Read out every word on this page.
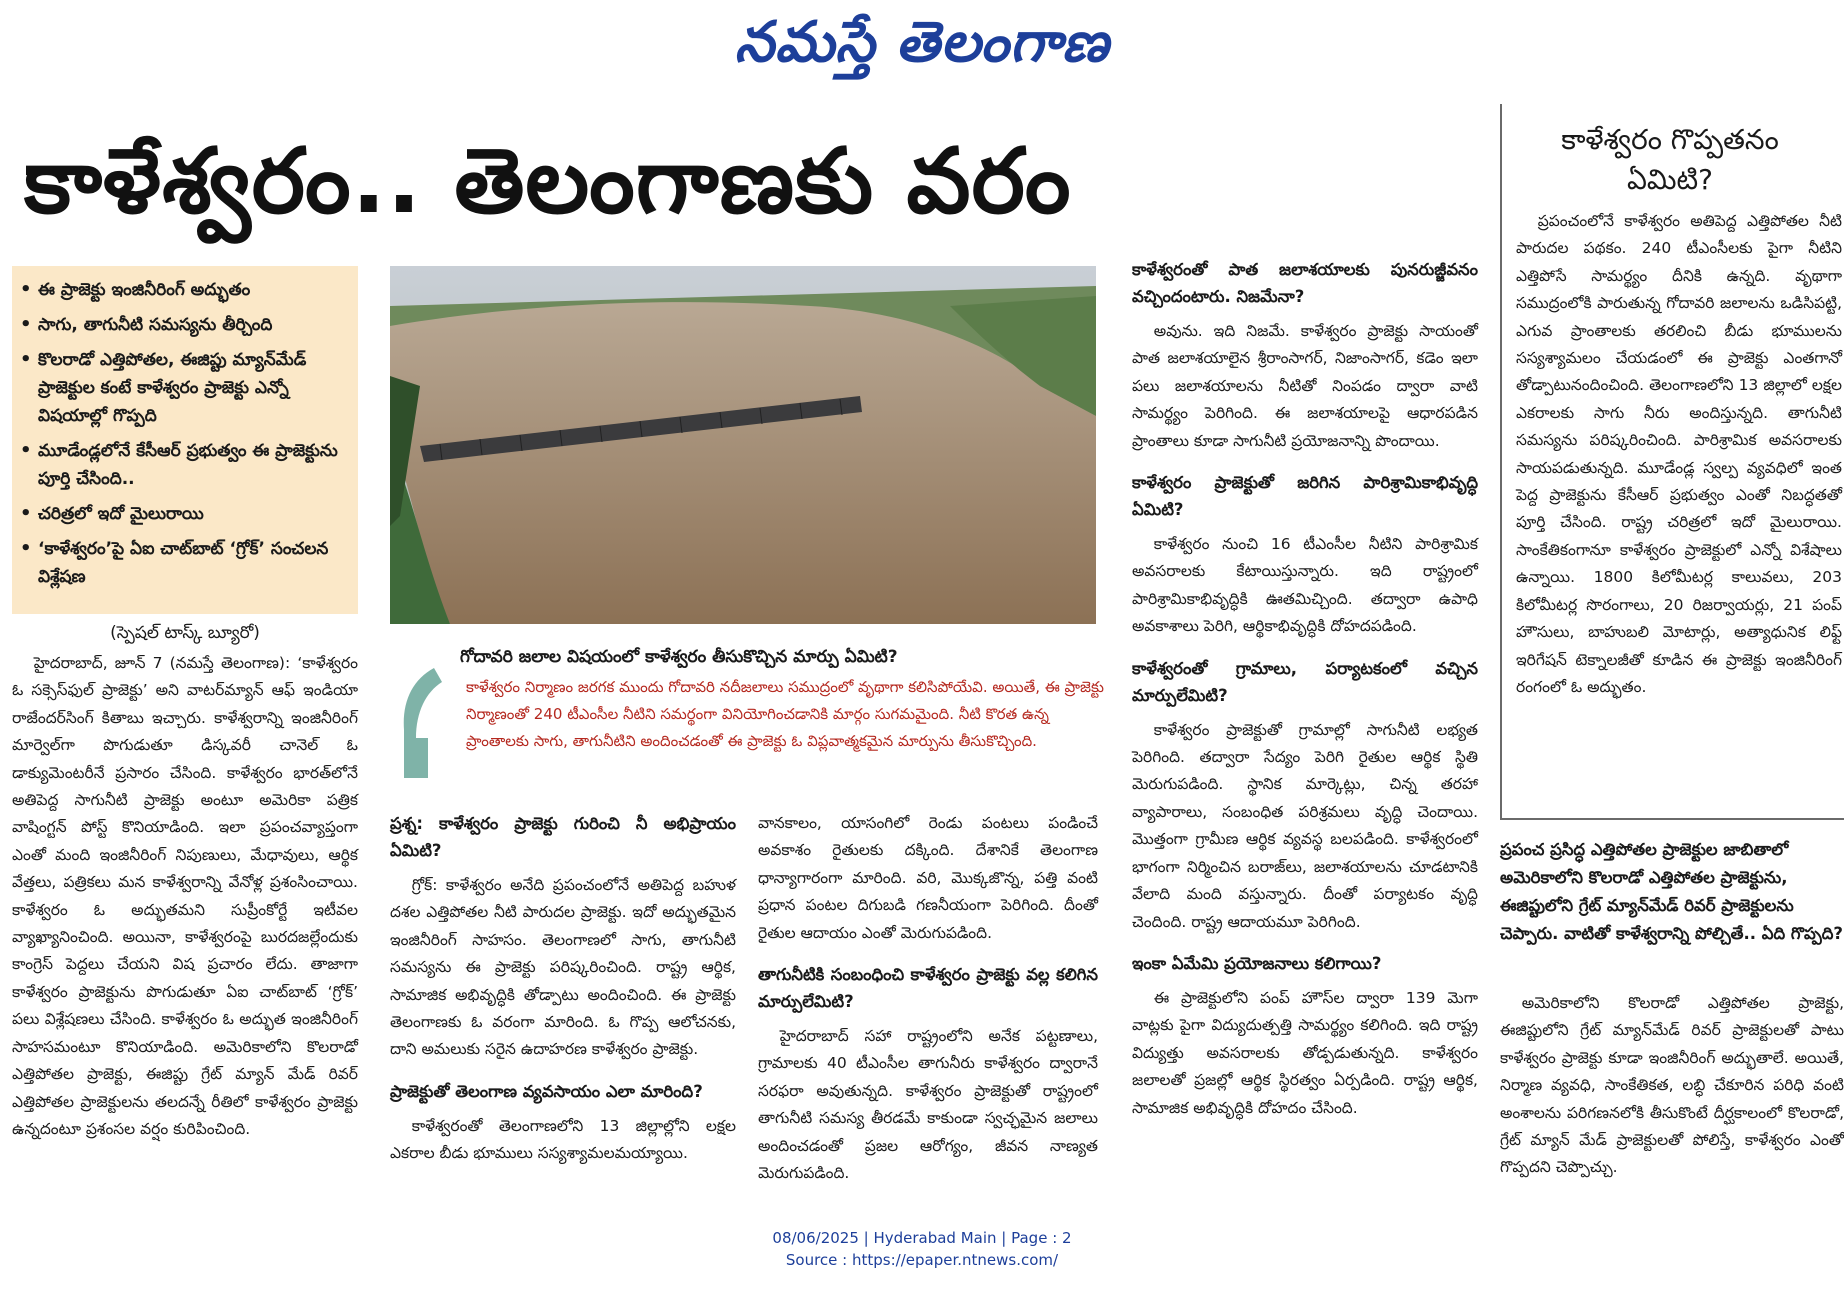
నమస్తే తెలంగాణ
కాళేశ్వరం.. తెలంగాణకు వరం
• ఈ ప్రాజెక్టు ఇంజినీరింగ్ అద్భుతం
• సాగు, తాగునీటి సమస్యను తీర్చింది
• కొలరాడో ఎత్తిపోతల, ఈజిప్టు మ్యాన్‌మేడ్ ప్రాజెక్టుల కంటే కాళేశ్వరం ప్రాజెక్టు ఎన్నో విషయాల్లో గొప్పది
• మూడేండ్లలోనే కేసీఆర్ ప్రభుత్వం ఈ ప్రాజెక్టును పూర్తి చేసింది..
• చరిత్రలో ఇదో మైలురాయి
• ‘కాళేశ్వరం’పై ఏఐ చాట్‌బాట్ ‘గ్రోక్’ సంచలన విశ్లేషణ
(స్పెషల్ టాస్క్ బ్యూరో)

హైదరాబాద్, జూన్ 7 (నమస్తే తెలంగాణ): ‘కాళేశ్వరం ఓ సక్సెస్‌ఫుల్ ప్రాజెక్టు’ అని వాటర్‌మ్యాన్ ఆఫ్ ఇండియా రాజేందర్‌సింగ్ కితాబు ఇచ్చారు. కాళేశ్వరాన్ని ఇంజినీరింగ్ మార్వెల్‌గా పొగుడుతూ డిస్కవరీ చానెల్ ఓ డాక్యుమెంటరీనే ప్రసారం చేసింది. కాళేశ్వరం భారత్‌లోనే అతిపెద్ద సాగునీటి ప్రాజెక్టు అంటూ అమెరికా పత్రిక వాషింగ్టన్ పోస్ట్ కొనియాడింది. ఇలా ప్రపంచవ్యాప్తంగా ఎంతో మంది ఇంజినీరింగ్ నిపుణులు, మేధావులు, ఆర్థిక వేత్తలు, పత్రికలు మన కాళేశ్వరాన్ని వేనోళ్ల ప్రశంసించాయి. కాళేశ్వరం ఓ అద్భుతమని సుప్రీంకోర్టే ఇటీవల వ్యాఖ్యానించింది. అయినా, కాళేశ్వరంపై బురదజల్లేందుకు కాంగ్రెస్ పెద్దలు చేయని విష ప్రచారం లేదు. తాజాగా కాళేశ్వరం ప్రాజెక్టును పొగుడుతూ ఏఐ చాట్‌బాట్ ‘గ్రోక్’ పలు విశ్లేషణలు చేసింది. కాళేశ్వరం ఓ అద్భుత ఇంజినీరింగ్ సాహసమంటూ కొనియాడింది. అమెరికాలోని కొలరాడో ఎత్తిపోతల ప్రాజెక్టు, ఈజిప్టు గ్రేట్ మ్యాన్ మేడ్ రివర్ ఎత్తిపోతల ప్రాజెక్టులను తలదన్నే రీతిలో కాళేశ్వరం ప్రాజెక్టు ఉన్నదంటూ ప్రశంసల వర్షం కురిపించింది.

గోదావరి జలాల విషయంలో కాళేశ్వరం తీసుకొచ్చిన మార్పు ఏమిటి?
కాళేశ్వరం నిర్మాణం జరగక ముందు గోదావరి నదీజలాలు సముద్రంలో వృథాగా కలిసిపోయేవి. అయితే, ఈ ప్రాజెక్టు నిర్మాణంతో 240 టీఎంసీల నీటిని సమర్థంగా వినియోగించడానికి మార్గం సుగమమైంది. నీటి కొరత ఉన్న ప్రాంతాలకు సాగు, తాగునీటిని అందించడంతో ఈ ప్రాజెక్టు ఓ విప్లవాత్మకమైన మార్పును తీసుకొచ్చింది.

ప్రశ్న: కాళేశ్వరం ప్రాజెక్టు గురించి నీ అభిప్రాయం ఏమిటి?

గ్రోక్: కాళేశ్వరం అనేది ప్రపంచంలోనే అతిపెద్ద బహుళ దశల ఎత్తిపోతల నీటి పారుదల ప్రాజెక్టు. ఇదో అద్భుతమైన ఇంజినీరింగ్ సాహసం. తెలంగాణలో సాగు, తాగునీటి సమస్యను ఈ ప్రాజెక్టు పరిష్కరించింది. రాష్ట్ర ఆర్థిక, సామాజిక అభివృద్ధికి తోడ్పాటు అందించింది. ఈ ప్రాజెక్టు తెలంగాణకు ఓ వరంగా మారింది. ఓ గొప్ప ఆలోచనకు, దాని అమలుకు సరైన ఉదాహరణ కాళేశ్వరం ప్రాజెక్టు.

ప్రాజెక్టుతో తెలంగాణ వ్యవసాయం ఎలా మారింది?

కాళేశ్వరంతో తెలంగాణలోని 13 జిల్లాల్లోని లక్షల ఎకరాల బీడు భూములు సస్యశ్యామలమయ్యాయి.

వానకాలం, యాసంగిలో రెండు పంటలు పండించే అవకాశం రైతులకు దక్కింది. దేశానికే తెలంగాణ ధాన్యాగారంగా మారింది. వరి, మొక్కజొన్న, పత్తి వంటి ప్రధాన పంటల దిగుబడి గణనీయంగా పెరిగింది. దీంతో రైతుల ఆదాయం ఎంతో మెరుగుపడింది.

తాగునీటికి సంబంధించి కాళేశ్వరం ప్రాజెక్టు వల్ల కలిగిన మార్పులేమిటి?

హైదరాబాద్ సహా రాష్ట్రంలోని అనేక పట్టణాలు, గ్రామాలకు 40 టీఎంసీల తాగునీరు కాళేశ్వరం ద్వారానే సరఫరా అవుతున్నది. కాళేశ్వరం ప్రాజెక్టుతో రాష్ట్రంలో తాగునీటి సమస్య తీరడమే కాకుండా స్వచ్ఛమైన జలాలు అందించడంతో ప్రజల ఆరోగ్యం, జీవన నాణ్యత మెరుగుపడింది.

కాళేశ్వరంతో పాత జలాశయాలకు పునరుజ్జీవనం వచ్చిందంటారు. నిజమేనా?

అవును. ఇది నిజమే. కాళేశ్వరం ప్రాజెక్టు సాయంతో పాత జలాశయాలైన శ్రీరాంసాగర్, నిజాంసాగర్, కడెం ఇలా పలు జలాశయాలను నీటితో నింపడం ద్వారా వాటి సామర్థ్యం పెరిగింది. ఈ జలాశయాలపై ఆధారపడిన ప్రాంతాలు కూడా సాగునీటి ప్రయోజనాన్ని పొందాయి.

కాళేశ్వరం ప్రాజెక్టుతో జరిగిన పారిశ్రామికాభివృద్ధి ఏమిటి?

కాళేశ్వరం నుంచి 16 టీఎంసీల నీటిని పారిశ్రామిక అవసరాలకు కేటాయిస్తున్నారు. ఇది రాష్ట్రంలో పారిశ్రామికాభివృద్ధికి ఊతమిచ్చింది. తద్వారా ఉపాధి అవకాశాలు పెరిగి, ఆర్థికాభివృద్ధికి దోహదపడింది.

కాళేశ్వరంతో గ్రామాలు, పర్యాటకంలో వచ్చిన మార్పులేమిటి?

కాళేశ్వరం ప్రాజెక్టుతో గ్రామాల్లో సాగునీటి లభ్యత పెరిగింది. తద్వారా సేద్యం పెరిగి రైతుల ఆర్థిక స్థితి మెరుగుపడింది. స్థానిక మార్కెట్లు, చిన్న తరహా వ్యాపారాలు, సంబంధిత పరిశ్రమలు వృద్ధి చెందాయి. మొత్తంగా గ్రామీణ ఆర్థిక వ్యవస్థ బలపడింది. కాళేశ్వరంలో భాగంగా నిర్మించిన బరాజ్‌లు, జలాశయాలను చూడటానికి వేలాది మంది వస్తున్నారు. దీంతో పర్యాటకం వృద్ధి చెందింది. రాష్ట్ర ఆదాయమూ పెరిగింది.

ఇంకా ఏమేమి ప్రయోజనాలు కలిగాయి?

ఈ ప్రాజెక్టులోని పంప్ హౌస్‌ల ద్వారా 139 మెగా వాట్లకు పైగా విద్యుదుత్పత్తి సామర్థ్యం కలిగింది. ఇది రాష్ట్ర విద్యుత్తు అవసరాలకు తోడ్పడుతున్నది. కాళేశ్వరం జలాలతో ప్రజల్లో ఆర్థిక స్థిరత్వం ఏర్పడింది. రాష్ట్ర ఆర్థిక, సామాజిక అభివృద్ధికి దోహదం చేసింది.

కాళేశ్వరం గొప్పతనం ఏమిటి?

ప్రపంచంలోనే కాళేశ్వరం అతిపెద్ద ఎత్తిపోతల నీటి పారుదల పథకం. 240 టీఎంసీలకు పైగా నీటిని ఎత్తిపోసే సామర్థ్యం దీనికి ఉన్నది. వృథాగా సముద్రంలోకి పారుతున్న గోదావరి జలాలను ఒడిసిపట్టి, ఎగువ ప్రాంతాలకు తరలించి బీడు భూములను సస్యశ్యామలం చేయడంలో ఈ ప్రాజెక్టు ఎంతగానో తోడ్పాటునందించింది. తెలంగాణలోని 13 జిల్లాలో లక్షల ఎకరాలకు సాగు నీరు అందిస్తున్నది. తాగునీటి సమస్యను పరిష్కరించింది. పారిశ్రామిక అవసరాలకు సాయపడుతున్నది. మూడేండ్ల స్వల్ప వ్యవధిలో ఇంత పెద్ద ప్రాజెక్టును కేసీఆర్ ప్రభుత్వం ఎంతో నిబద్ధతతో పూర్తి చేసింది. రాష్ట్ర చరిత్రలో ఇదో మైలురాయి. సాంకేతికంగానూ కాళేశ్వరం ప్రాజెక్టులో ఎన్నో విశేషాలు ఉన్నాయి. 1800 కిలోమీటర్ల కాలువలు, 203 కిలోమీటర్ల సొరంగాలు, 20 రిజర్వాయర్లు, 21 పంప్ హౌసులు, బాహుబలి మోటార్లు, అత్యాధునిక లిఫ్ట్ ఇరిగేషన్ టెక్నాలజీతో కూడిన ఈ ప్రాజెక్టు ఇంజినీరింగ్ రంగంలో ఓ అద్భుతం.

ప్రపంచ ప్రసిద్ధ ఎత్తిపోతల ప్రాజెక్టుల జాబితాలో అమెరికాలోని కొలరాడో ఎత్తిపోతల ప్రాజెక్టును, ఈజిప్టులోని గ్రేట్ మ్యాన్‌మేడ్ రివర్ ప్రాజెక్టులను చెప్పారు. వాటితో కాళేశ్వరాన్ని పోల్చితే.. ఏది గొప్పది?

అమెరికాలోని కొలరాడో ఎత్తిపోతల ప్రాజెక్టు, ఈజిప్టులోని గ్రేట్ మ్యాన్‌మేడ్ రివర్ ప్రాజెక్టులతో పాటు కాళేశ్వరం ప్రాజెక్టు కూడా ఇంజినీరింగ్ అద్భుతాలే. అయితే, నిర్మాణ వ్యవధి, సాంకేతికత, లబ్ధి చేకూరిన పరిధి వంటి అంశాలను పరిగణనలోకి తీసుకొంటే దీర్ఘకాలంలో కొలరాడో, గ్రేట్ మ్యాన్ మేడ్ ప్రాజెక్టులతో పోలిస్తే, కాళేశ్వరం ఎంతో గొప్పదని చెప్పొచ్చు.

08/06/2025 | Hyderabad Main | Page : 2
Source : https://epaper.ntnews.com/
